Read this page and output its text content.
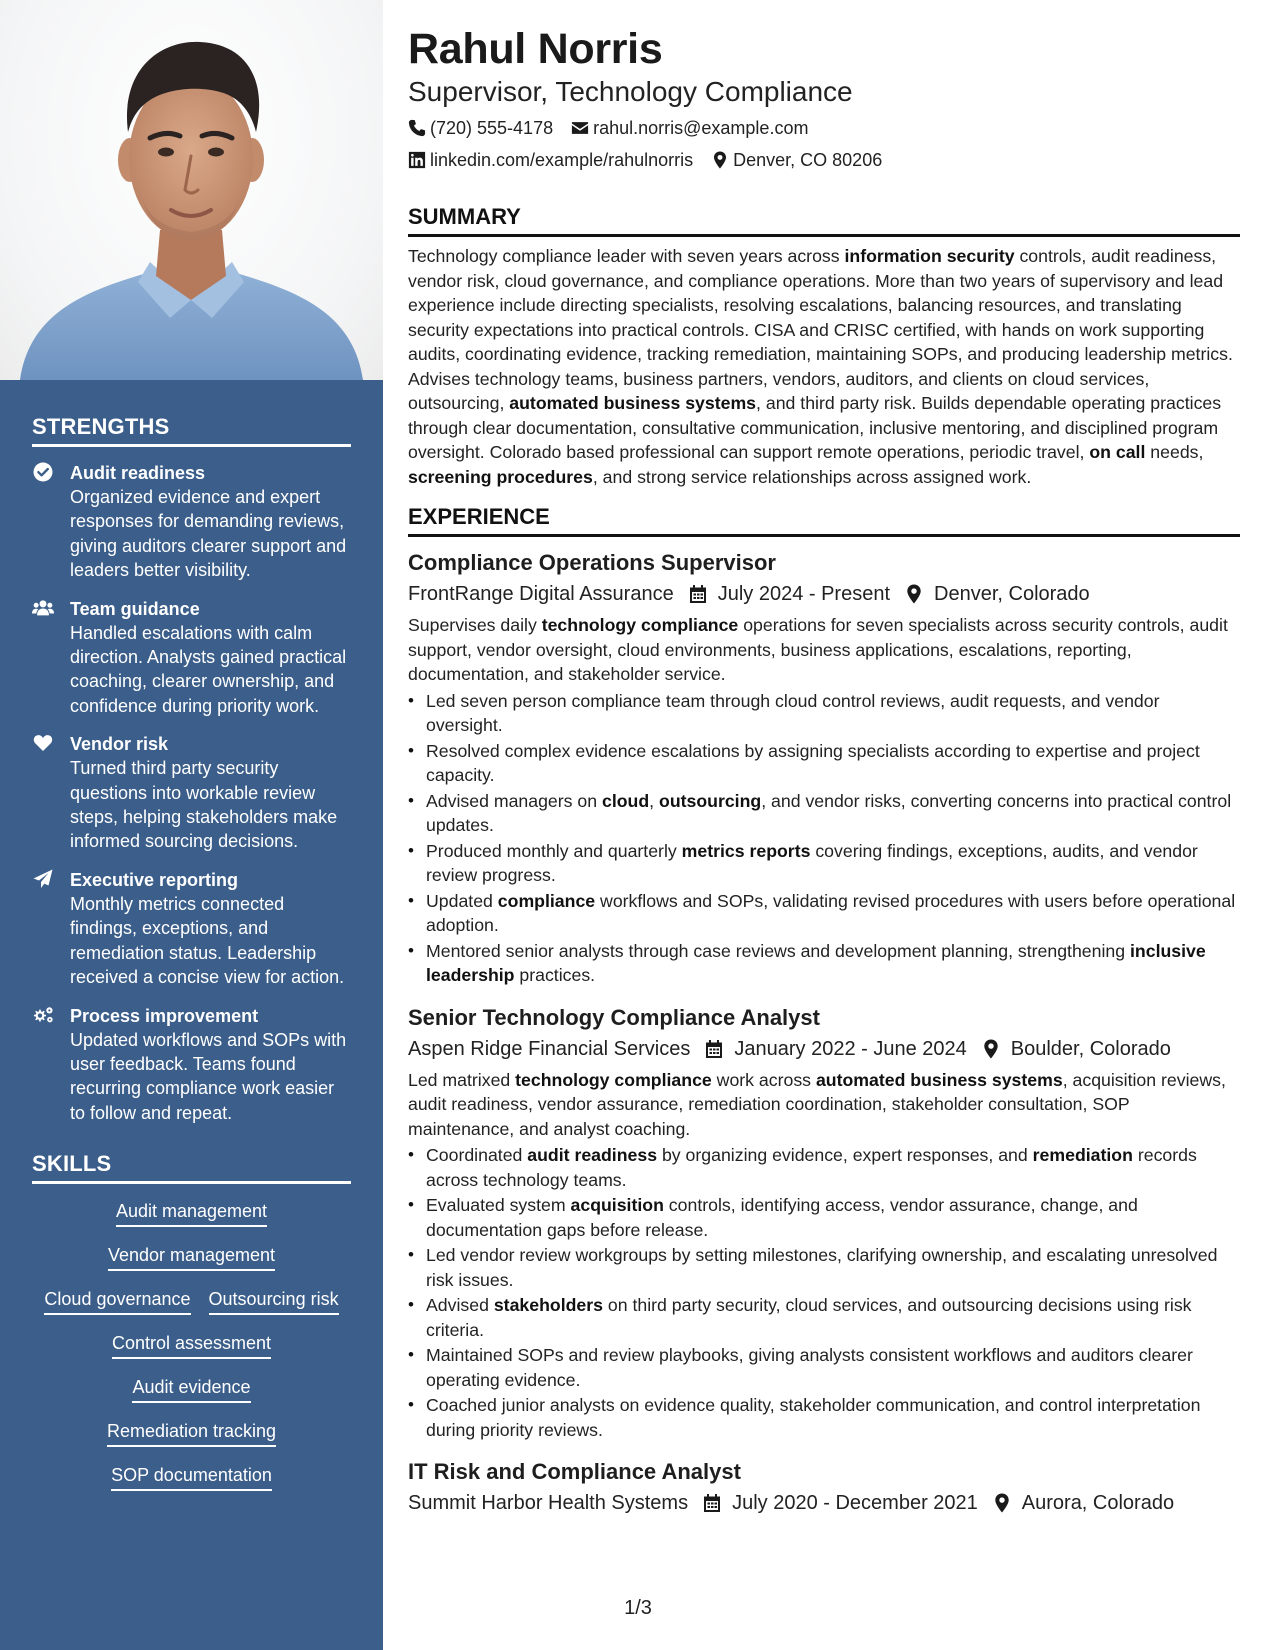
STRENGTHS
Audit readiness
Organized evidence and expert responses for demanding reviews, giving auditors clearer support and leaders better visibility.
Team guidance
Handled escalations with calm direction. Analysts gained practical coaching, clearer ownership, and confidence during priority work.
Vendor risk
Turned third party security questions into workable review steps, helping stakeholders make informed sourcing decisions.
Executive reporting
Monthly metrics connected findings, exceptions, and remediation status. Leadership received a concise view for action.
Process improvement
Updated workflows and SOPs with user feedback. Teams found recurring compliance work easier to follow and repeat.
SKILLS
Audit management
Vendor management
Cloud governance Outsourcing risk
Control assessment
Audit evidence
Remediation tracking
SOP documentation
Rahul Norris
Supervisor, Technology Compliance
(720) 555-4178 rahul.norris@example.com
linkedin.com/example/rahulnorris Denver, CO 80206
SUMMARY

Technology compliance leader with seven years across information security controls, audit readiness, vendor risk, cloud governance, and compliance operations. More than two years of supervisory and lead experience include directing specialists, resolving escalations, balancing resources, and translating security expectations into practical controls. CISA and CRISC certified, with hands on work supporting audits, coordinating evidence, tracking remediation, maintaining SOPs, and producing leadership metrics. Advises technology teams, business partners, vendors, auditors, and clients on cloud services, outsourcing, automated business systems, and third party risk. Builds dependable operating practices through clear documentation, consultative communication, inclusive mentoring, and disciplined program oversight. Colorado based professional can support remote operations, periodic travel, on call needs, screening procedures, and strong service relationships across assigned work.

EXPERIENCE
Compliance Operations Supervisor
FrontRange Digital Assurance July 2024 - Present Denver, Colorado

Supervises daily technology compliance operations for seven specialists across security controls, audit support, vendor oversight, cloud environments, business applications, escalations, reporting, documentation, and stakeholder service.

• Led seven person compliance team through cloud control reviews, audit requests, and vendor oversight.
• Resolved complex evidence escalations by assigning specialists according to expertise and project capacity.
• Advised managers on cloud, outsourcing, and vendor risks, converting concerns into practical control updates.
• Produced monthly and quarterly metrics reports covering findings, exceptions, audits, and vendor review progress.
• Updated compliance workflows and SOPs, validating revised procedures with users before operational adoption.
• Mentored senior analysts through case reviews and development planning, strengthening inclusive leadership practices.
Senior Technology Compliance Analyst
Aspen Ridge Financial Services January 2022 - June 2024 Boulder, Colorado

Led matrixed technology compliance work across automated business systems, acquisition reviews, audit readiness, vendor assurance, remediation coordination, stakeholder consultation, SOP maintenance, and analyst coaching.

• Coordinated audit readiness by organizing evidence, expert responses, and remediation records across technology teams.
• Evaluated system acquisition controls, identifying access, vendor assurance, change, and documentation gaps before release.
• Led vendor review workgroups by setting milestones, clarifying ownership, and escalating unresolved risk issues.
• Advised stakeholders on third party security, cloud services, and outsourcing decisions using risk criteria.
• Maintained SOPs and review playbooks, giving analysts consistent workflows and auditors clearer operating evidence.
• Coached junior analysts on evidence quality, stakeholder communication, and control interpretation during priority reviews.
IT Risk and Compliance Analyst
Summit Harbor Health Systems July 2020 - December 2021 Aurora, Colorado
1/3
